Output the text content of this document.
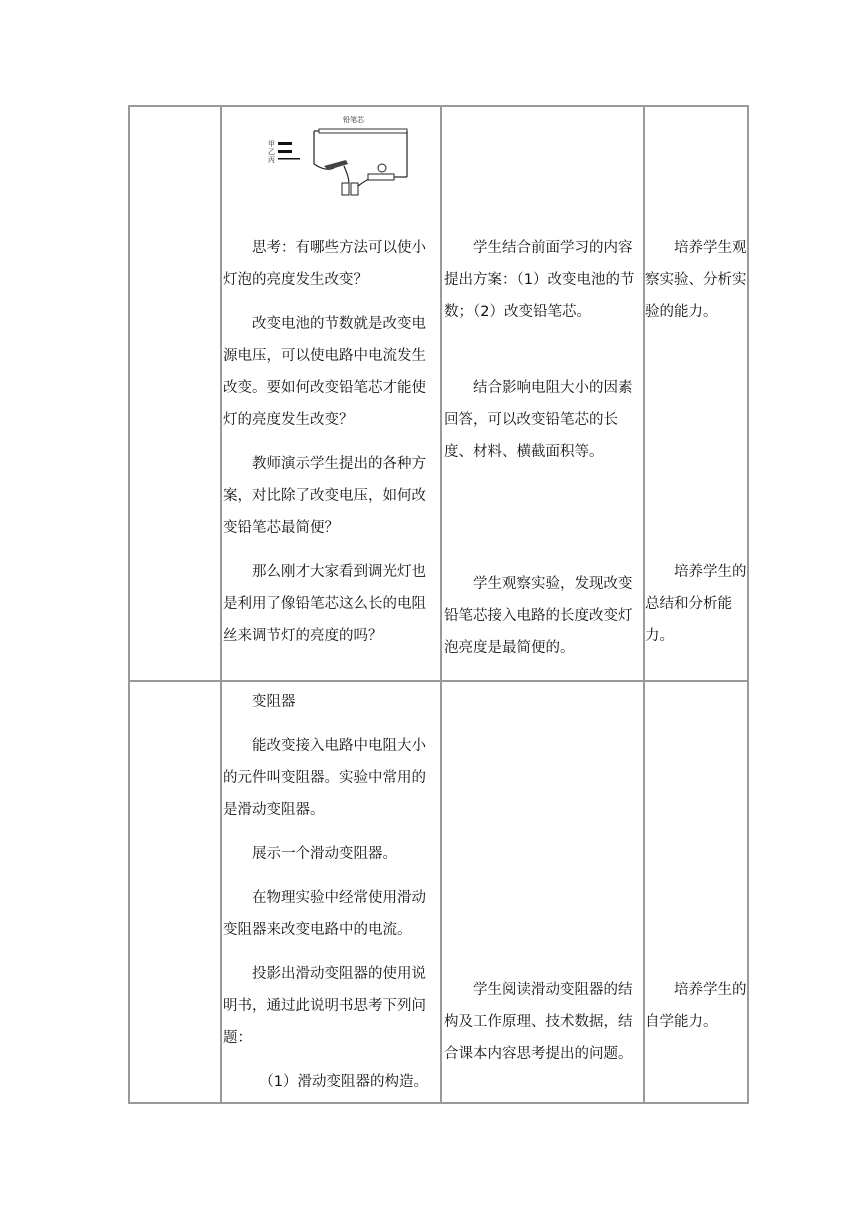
铅笔芯
甲
乙
丙

思考：有哪些方法可以使小灯泡的亮度发生改变？

改变电池的节数就是改变电源电压，可以使电路中电流发生改变。要如何改变铅笔芯才能使灯的亮度发生改变？

教师演示学生提出的各种方案，对比除了改变电压，如何改变铅笔芯最简便？

那么刚才大家看到调光灯也是利用了像铅笔芯这么长的电阻丝来调节灯的亮度的吗？

学生结合前面学习的内容提出方案：（1）改变电池的节数；（2）改变铅笔芯。

结合影响电阻大小的因素回答，可以改变铅笔芯的长度、材料、横截面积等。

学生观察实验，发现改变铅笔芯接入电路的长度改变灯泡亮度是最简便的。

培养学生观察实验、分析实验的能力。

培养学生的总结和分析能力。

变阻器

能改变接入电路中电阻大小的元件叫变阻器。实验中常用的是滑动变阻器。

展示一个滑动变阻器。

在物理实验中经常使用滑动变阻器来改变电路中的电流。

投影出滑动变阻器的使用说明书，通过此说明书思考下列问题：

（1）滑动变阻器的构造。

学生阅读滑动变阻器的结构及工作原理、技术数据，结合课本内容思考提出的问题。

培养学生的自学能力。
